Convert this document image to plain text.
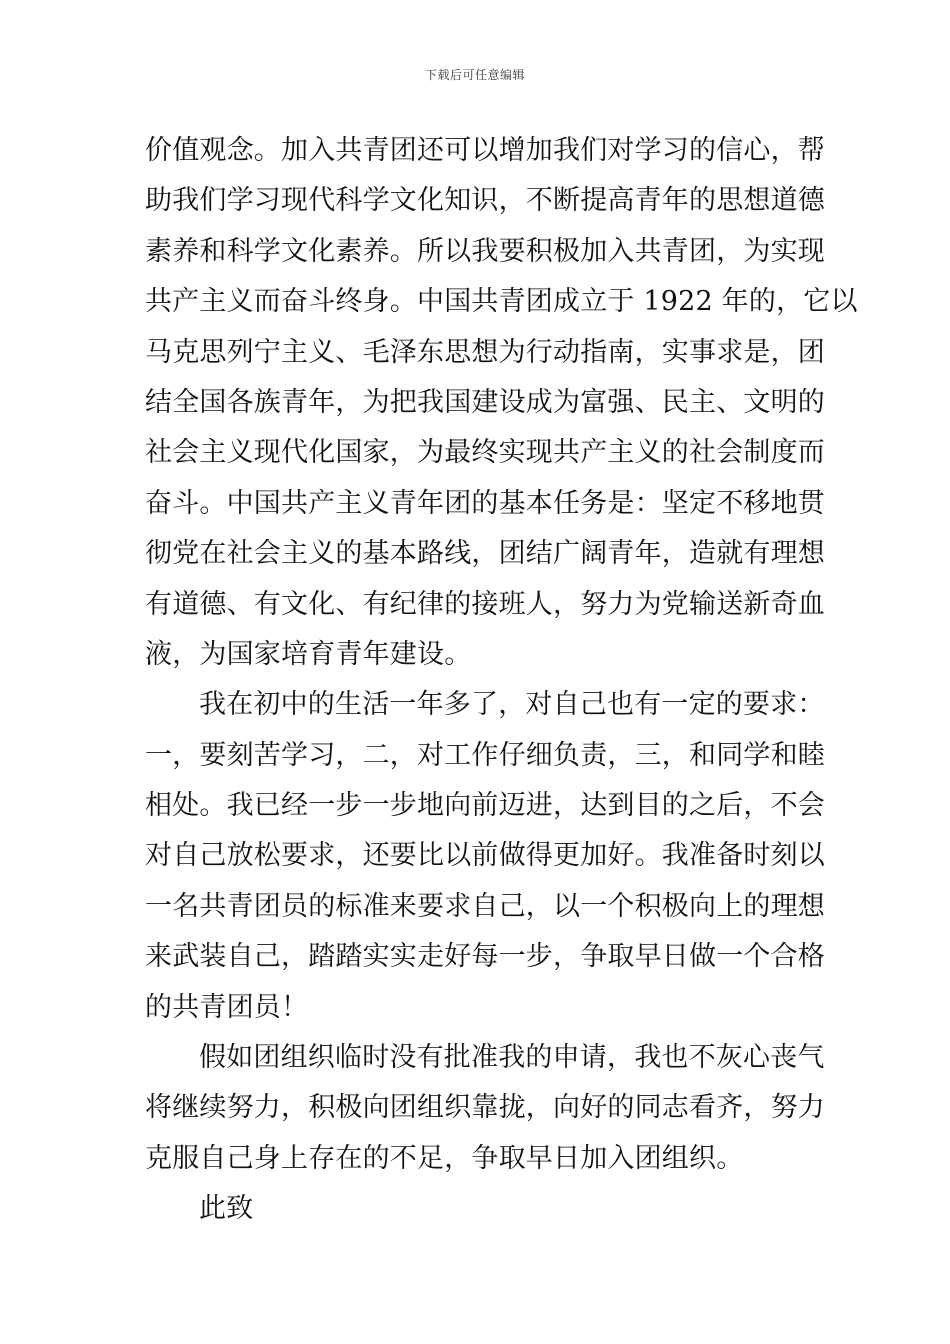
下载后可任意编辑
价值观念。加入共青团还可以增加我们对学习的信心，帮
助我们学习现代科学文化知识，不断提高青年的思想道德
素养和科学文化素养。所以我要积极加入共青团，为实现
共产主义而奋斗终身。中国共青团成立于 1922 年的，它以
马克思列宁主义、毛泽东思想为行动指南，实事求是，团
结全国各族青年，为把我国建设成为富强、民主、文明的
社会主义现代化国家，为最终实现共产主义的社会制度而
奋斗。中国共产主义青年团的基本任务是：坚定不移地贯
彻党在社会主义的基本路线，团结广阔青年，造就有理想
有道德、有文化、有纪律的接班人，努力为党输送新奇血
液，为国家培育青年建设。
我在初中的生活一年多了，对自己也有一定的要求：
一，要刻苦学习，二，对工作仔细负责，三，和同学和睦
相处。我已经一步一步地向前迈进，达到目的之后，不会
对自己放松要求，还要比以前做得更加好。我准备时刻以
一名共青团员的标准来要求自己，以一个积极向上的理想
来武装自己，踏踏实实走好每一步，争取早日做一个合格
的共青团员！
假如团组织临时没有批准我的申请，我也不灰心丧气
将继续努力，积极向团组织靠拢，向好的同志看齐，努力
克服自己身上存在的不足，争取早日加入团组织。
此致
